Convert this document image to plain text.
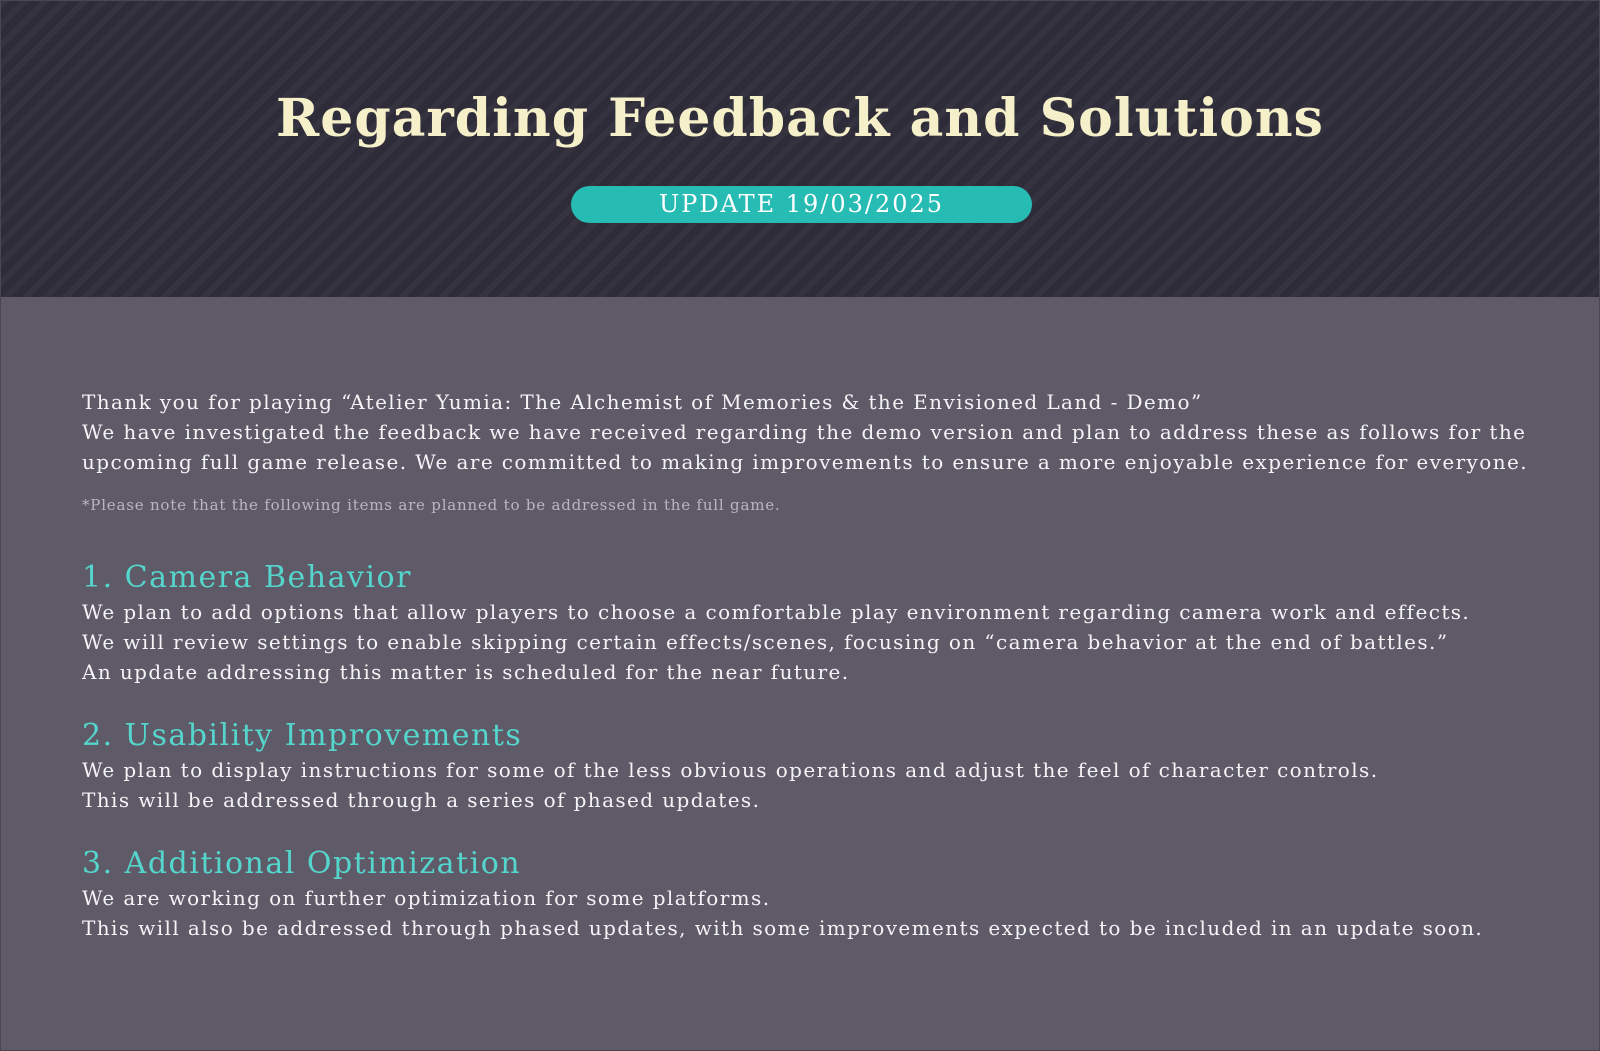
Regarding Feedback and Solutions
UPDATE 19/03/2025

Thank you for playing “Atelier Yumia: The Alchemist of Memories & the Envisioned Land - Demo”

We have investigated the feedback we have received regarding the demo version and plan to address these as follows for the

upcoming full game release. We are committed to making improvements to ensure a more enjoyable experience for everyone.

*Please note that the following items are planned to be addressed in the full game.

1. Camera Behavior

We plan to add options that allow players to choose a comfortable play environment regarding camera work and effects.

We will review settings to enable skipping certain effects/scenes, focusing on “camera behavior at the end of battles.”

An update addressing this matter is scheduled for the near future.

2. Usability Improvements

We plan to display instructions for some of the less obvious operations and adjust the feel of character controls.

This will be addressed through a series of phased updates.

3. Additional Optimization

We are working on further optimization for some platforms.

This will also be addressed through phased updates, with some improvements expected to be included in an update soon.
